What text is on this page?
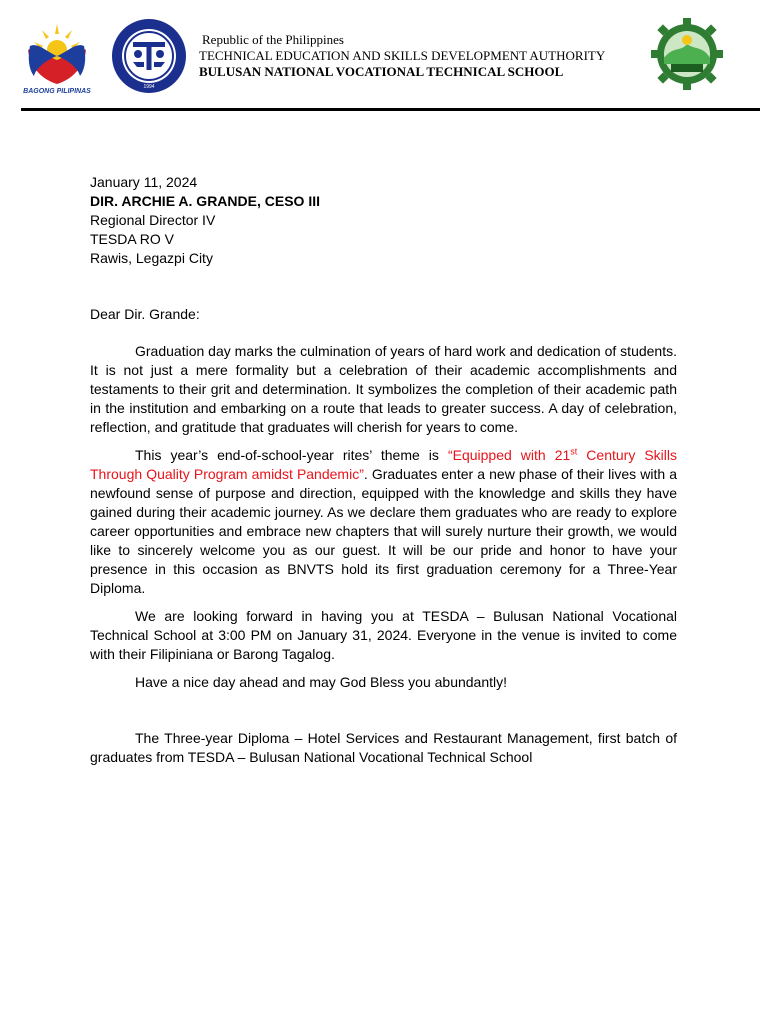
BAGONG PILIPINAS
1994
Republic of the Philippines
TECHNICAL EDUCATION AND SKILLS DEVELOPMENT AUTHORITY
BULUSAN NATIONAL VOCATIONAL TECHNICAL SCHOOL

January 11, 2024

DIR. ARCHIE A. GRANDE, CESO III

Regional Director IV

TESDA RO V

Rawis, Legazpi City

Dear Dir. Grande:

Graduation day marks the culmination of years of hard work and dedication of students. It is not just a mere formality but a celebration of their academic accomplishments and testaments to their grit and determination. It symbolizes the completion of their academic path in the institution and embarking on a route that leads to greater success. A day of celebration, reflection, and gratitude that graduates will cherish for years to come.

This year’s end-of-school-year rites’ theme is “Equipped with 21st Century Skills Through Quality Program amidst Pandemic”. Graduates enter a new phase of their lives with a newfound sense of purpose and direction, equipped with the knowledge and skills they have gained during their academic journey. As we declare them graduates who are ready to explore career opportunities and embrace new chapters that will surely nurture their growth, we would like to sincerely welcome you as our guest. It will be our pride and honor to have your presence in this occasion as BNVTS hold its first graduation ceremony for a Three-Year Diploma.

We are looking forward in having you at TESDA – Bulusan National Vocational Technical School at 3:00 PM on January 31, 2024. Everyone in the venue is invited to come with their Filipiniana or Barong Tagalog.

Have a nice day ahead and may God Bless you abundantly!

The Three-year Diploma – Hotel Services and Restaurant Management, first batch of graduates from TESDA – Bulusan National Vocational Technical School
